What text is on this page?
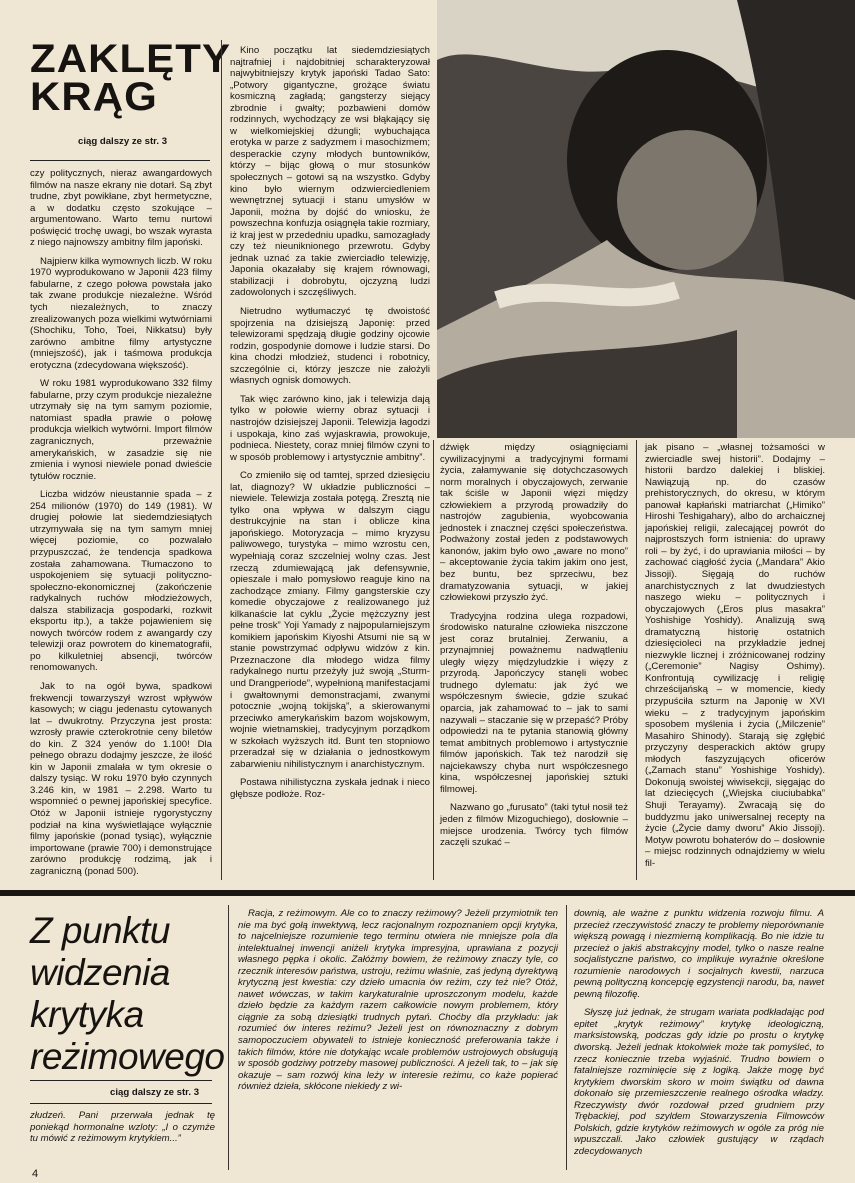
ZAKLĘTY KRĄG
ciąg dalszy ze str. 3

czy politycznych, nieraz awangardowych filmów na nasze ekrany nie dotarł. Są zbyt trudne, zbyt powikłane, zbyt hermetyczne, a w dodatku często szokujące – argumentowano. Warto temu nurtowi poświęcić trochę uwagi, bo wszak wyrasta z niego najnowszy ambitny film japoński.

Najpierw kilka wymownych liczb. W roku 1970 wyprodukowano w Japonii 423 filmy fabularne, z czego połowa powstała jako tak zwane produkcje niezależne. Wśród tych niezależnych, to znaczy zrealizowanych poza wielkimi wytwórniami (Shochiku, Toho, Toei, Nikkatsu) były zarówno ambitne filmy artystyczne (mniejszość), jak i taśmowa produkcja erotyczna (zdecydowana większość).

W roku 1981 wyprodukowano 332 filmy fabularne, przy czym produkcje niezależne utrzymały się na tym samym poziomie, natomiast spadła prawie o połowę produkcja wielkich wytwórni. Import filmów zagranicznych, przeważnie amerykańskich, w zasadzie się nie zmienia i wynosi niewiele ponad dwieście tytułów rocznie.

Liczba widzów nieustannie spada – z 254 milionów (1970) do 149 (1981). W drugiej połowie lat siedemdziesiątych utrzymywała się na tym samym mniej więcej poziomie, co pozwalało przypuszczać, że tendencja spadkowa została zahamowana. Tłumaczono to uspokojeniem się sytuacji polityczno-społeczno-ekonomicznej (zakończenie radykalnych ruchów młodzieżowych, dalsza stabilizacja gospodarki, rozkwit eksportu itp.), a także pojawieniem się nowych twórców rodem z awangardy czy telewizji oraz powrotem do kinematografii, po kilkuletniej absencji, twórców renomowanych.

Jak to na ogół bywa, spadkowi frekwencji towarzyszył wzrost wpływów kasowych; w ciągu jedenastu cytowanych lat – dwukrotny. Przyczyna jest prosta: wzrosły prawie czterokrotnie ceny biletów do kin. Z 324 yenów do 1.100! Dla pełnego obrazu dodajmy jeszcze, że ilość kin w Japonii zmalała w tym okresie o dalszy tysiąc. W roku 1970 było czynnych 3.246 kin, w 1981 – 2.298. Warto tu wspomnieć o pewnej japońskiej specyfice. Otóż w Japonii istnieje rygorystyczny podział na kina wyświetlające wyłącznie filmy japońskie (ponad tysiąc), wyłącznie importowane (prawie 700) i demonstrujące zarówno produkcję rodzimą, jak i zagraniczną (ponad 500).

Kino początku lat siedemdziesiątych najtrafniej i najdobitniej scharakteryzował najwybitniejszy krytyk japoński Tadao Sato: „Potwory gigantyczne, grożące światu kosmiczną zagładą; gangsterzy siejący zbrodnie i gwałty; pozbawieni domów rodzinnych, wychodzący ze wsi błąkający się w wielkomiejskiej dżungli; wybuchająca erotyka w parze z sadyzmem i masochizmem; desperackie czyny młodych buntowników, którzy – bijąc głową o mur stosunków społecznych – gotowi są na wszystko. Gdyby kino było wiernym odzwierciedleniem wewnętrznej sytuacji i stanu umysłów w Japonii, można by dojść do wniosku, że powszechna konfuzja osiągnęła takie rozmiary, iż kraj jest w przededniu upadku, samozagłady czy też nieuniknionego przewrotu. Gdyby jednak uznać za takie zwierciadło telewizję, Japonia okazałaby się krajem równowagi, stabilizacji i dobrobytu, ojczyzną ludzi zadowolonych i szczęśliwych.

Nietrudno wytłumaczyć tę dwoistość spojrzenia na dzisiejszą Japonię: przed telewizorami spędzają długie godziny ojcowie rodzin, gospodynie domowe i ludzie starsi. Do kina chodzi młodzież, studenci i robotnicy, szczególnie ci, którzy jeszcze nie założyli własnych ognisk domowych.

Tak więc zarówno kino, jak i telewizja dają tylko w połowie wierny obraz sytuacji i nastrojów dzisiejszej Japonii. Telewizja łagodzi i uspokaja, kino zaś wyjaskrawia, prowokuje, podnieca. Niestety, coraz mniej filmów czyni to w sposób problemowy i artystycznie ambitny”.

Co zmieniło się od tamtej, sprzed dziesięciu lat, diagnozy? W układzie publiczności – niewiele. Telewizja została potęgą. Zresztą nie tylko ona wpływa w dalszym ciągu destrukcyjnie na stan i oblicze kina japońskiego. Motoryzacja – mimo kryzysu paliwowego, turystyka – mimo wzrostu cen, wypełniają coraz szczelniej wolny czas. Jest rzeczą zdumiewającą jak defensywnie, opieszale i mało pomysłowo reaguje kino na zachodzące zmiany. Filmy gangsterskie czy komedie obyczajowe z realizowanego już kilkanaście lat cyklu „Życie mężczyzny jest pełne trosk” Yoji Yamady z najpopularniejszym komikiem japońskim Kiyoshi Atsumi nie są w stanie powstrzymać odpływu widzów z kin. Przeznaczone dla młodego widza filmy radykalnego nurtu przeżyły już swoją „Sturm-und Drangperiode”, wypełnioną manifestacjami i gwałtownymi demonstracjami, zwanymi potocznie „wojną tokijską”, a skierowanymi przeciwko amerykańskim bazom wojskowym, wojnie wietnamskiej, tradycyjnym porządkom w szkołach wyższych itd. Bunt ten stopniowo przeradzał się w działania o jednostkowym zabarwieniu nihilistycznym i anarchistycznym.

Postawa nihilistyczna zyskała jednak i nieco głębsze podłoże. Roz-

dźwięk między osiągnięciami cywilizacyjnymi a tradycyjnymi formami życia, załamywanie się dotychczasowych norm moralnych i obyczajowych, zerwanie tak ściśle w Japonii więzi między człowiekiem a przyrodą prowadziły do nastrojów zagubienia, wyobcowania jednostek i znacznej części społeczeństwa. Podważony został jeden z podstawowych kanonów, jakim było owo „aware no mono” – akceptowanie życia takim jakim ono jest, bez buntu, bez sprzeciwu, bez dramatyzowania sytuacji, w jakiej człowiekowi przyszło żyć.

Tradycyjna rodzina ulega rozpadowi, środowisko naturalne człowieka niszczone jest coraz brutalniej. Zerwaniu, a przynajmniej poważnemu nadwątleniu uległy więzy międzyludzkie i więzy z przyrodą. Japończycy stanęli wobec trudnego dylematu: jak żyć we współczesnym świecie, gdzie szukać oparcia, jak zahamować to – jak to sami nazywali – staczanie się w przepaść? Próby odpowiedzi na te pytania stanowią główny temat ambitnych problemowo i artystycznie filmów japońskich. Tak też narodził się najciekawszy chyba nurt współczesnego kina, współczesnej japońskiej sztuki filmowej.

Nazwano go „furusato” (taki tytuł nosił też jeden z filmów Mizoguchiego), dosłownie – miejsce urodzenia. Twórcy tych filmów zaczęli szukać –

jak pisano – „własnej tożsamości w zwierciadle swej historii”. Dodajmy – historii bardzo dalekiej i bliskiej. Nawiązują np. do czasów prehistorycznych, do okresu, w którym panował kapłański matriarchat („Himiko” Hiroshi Teshigahary), albo do archaicznej japońskiej religii, zalecającej powrót do najprostszych form istnienia: do uprawy roli – by żyć, i do uprawiania miłości – by zachować ciągłość życia („Mandara” Akio Jissoji). Sięgają do ruchów anarchistycznych z lat dwudziestych naszego wieku – politycznych i obyczajowych („Eros plus masakra” Yoshishige Yoshidy). Analizują swą dramatyczną historię ostatnich dziesięcioleci na przykładzie jednej niezwykle licznej i zróżnicowanej rodziny („Ceremonie” Nagisy Oshimy). Konfrontują cywilizację i religię chrześcijańską – w momencie, kiedy przypuściła szturm na Japonię w XVI wieku – z tradycyjnym japońskim sposobem myślenia i życia („Milczenie” Masahiro Shinody). Starają się zgłębić przyczyny desperackich aktów grupy młodych faszyzujących oficerów („Zamach stanu” Yoshishige Yoshidy). Dokonują swoistej wiwisekcji, sięgając do lat dziecięcych („Wiejska ciuciubabka” Shuji Terayamy). Zwracają się do buddyzmu jako uniwersalnej recepty na życie („Życie damy dworu” Akio Jissoji). Motyw powrotu bohaterów do – dosłownie – miejsc rodzinnych odnajdziemy w wielu fil-

Z punktu widzenia krytyka reżimowego
ciąg dalszy ze str. 3

złudzeń. Pani przerwała jednak tę poniekąd hormonalne wzloty: „I o czymże tu mówić z reżimowym krytykiem...”

Racja, z reżimowym. Ale co to znaczy reżimowy? Jeżeli przymiotnik ten nie ma być gołą inwektywą, lecz racjonalnym rozpoznaniem opcji krytyka, to najcelniejsze rozumienie tego terminu otwiera nie mniejsze pola dla intelektualnej inwencji aniżeli krytyka impresyjna, uprawiana z pozycji własnego pępka i okolic. Załóżmy bowiem, że reżimowy znaczy tyle, co rzecznik interesów państwa, ustroju, reżimu właśnie, zaś jedyną dyrektywą krytyczną jest kwestia: czy dzieło umacnia ów reżim, czy też nie? Otóż, nawet wówczas, w takim karykaturalnie uproszczonym modelu, każde dzieło będzie za każdym razem całkowicie nowym problemem, który ciągnie za sobą dziesiątki trudnych pytań. Choćby dla przykładu: jak rozumieć ów interes reżimu? Jeżeli jest on równoznaczny z dobrym samopoczuciem obywateli to istnieje konieczność preferowania także i takich filmów, które nie dotykając wcale problemów ustrojowych obsługują w sposób godziwy potrzeby masowej publiczności. A jeżeli tak, to – jak się okazuje – sam rozwój kina leży w interesie reżimu, co każe popierać również dzieła, skłócone niekiedy z wi-

downią, ale ważne z punktu widzenia rozwoju filmu. A przecież rzeczywistość znaczy te problemy nieporównanie większą powagą i niezmierną komplikacją. Bo nie idzie tu przecież o jakiś abstrakcyjny model, tylko o nasze realne socjalistyczne państwo, co implikuje wyraźnie określone rozumienie narodowych i socjalnych kwestii, narzuca pewną polityczną koncepcję egzystencji narodu, ba, nawet pewną filozofię.

Słyszę już jednak, że strugam wariata podkładając pod epitet „krytyk reżimowy” krytykę ideologiczną, marksistowską, podczas gdy idzie po prostu o krytykę dworską. Jeżeli jednak ktokolwiek może tak pomyśleć, to rzecz koniecznie trzeba wyjaśnić. Trudno bowiem o fatalniejsze rozminięcie się z logiką. Jakże mogę być krytykiem dworskim skoro w moim świątku od dawna dokonało się przemieszczenie realnego ośrodka władzy. Rzeczywisty dwór rozdował przed grudniem przy Trębackiej, pod szyldem Stowarzyszenia Filmowców Polskich, gdzie krytyków reżimowych w ogóle za próg nie wpuszczali. Jako człowiek gustujący w rządach zdecydowanych

4
